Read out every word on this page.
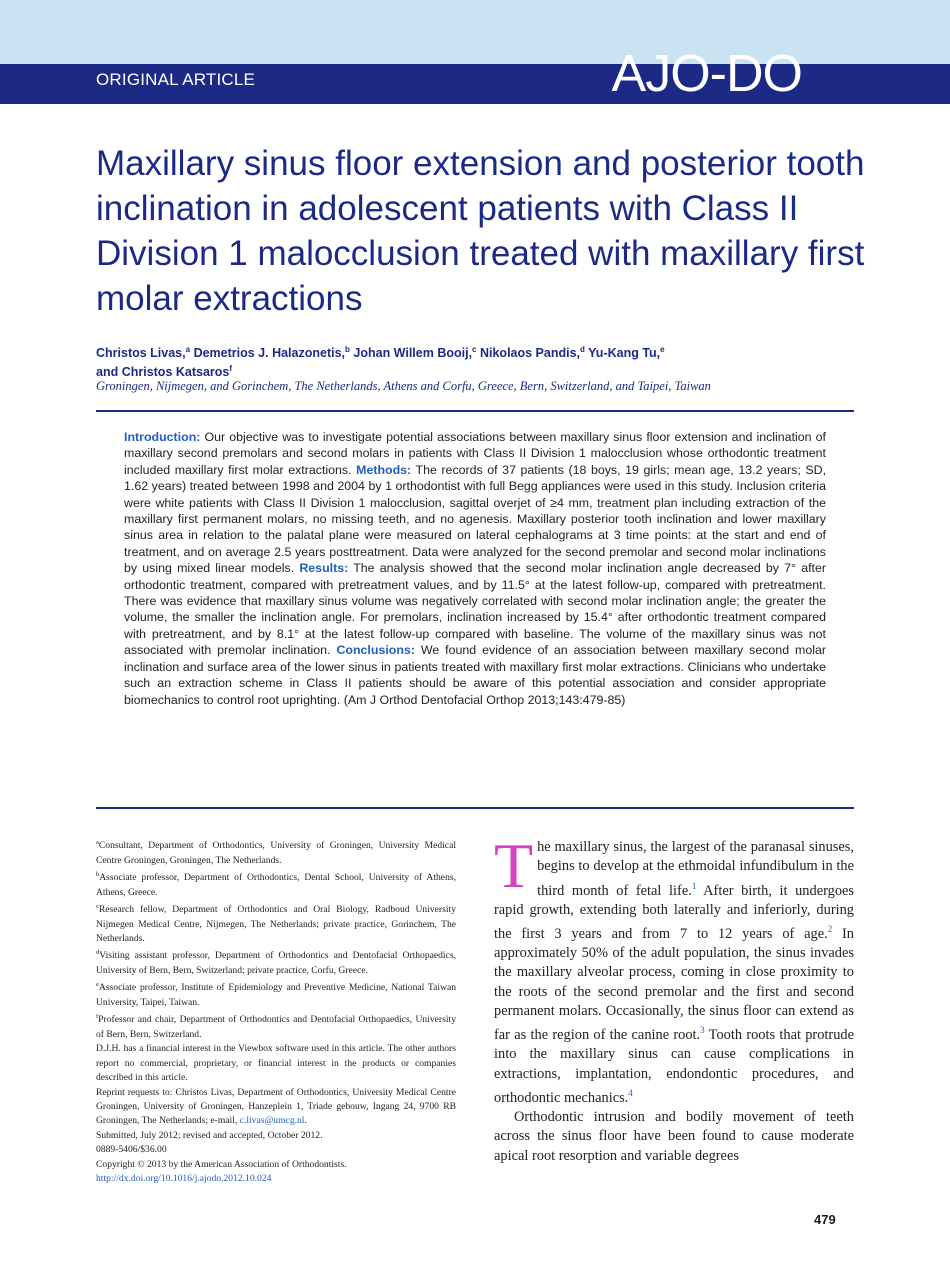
ORIGINAL ARTICLE	AJO-DO
Maxillary sinus floor extension and posterior tooth inclination in adolescent patients with Class II Division 1 malocclusion treated with maxillary first molar extractions
Christos Livas,$^a$ Demetrios J. Halazonetis,$^b$ Johan Willem Booij,$^c$ Nikolaos Pandis,$^d$ Yu-Kang Tu,$^e$
and Christos Katsaros$^f$
Groningen, Nijmegen, and Gorinchem, The Netherlands, Athens and Corfu, Greece, Bern, Switzerland, and Taipei, Taiwan

Introduction: Our objective was to investigate potential associations between maxillary sinus floor extension and inclination of maxillary second premolars and second molars in patients with Class II Division 1 malocclusion whose orthodontic treatment included maxillary first molar extractions. Methods: The records of 37 patients (18 boys, 19 girls; mean age, 13.2 years; SD, 1.62 years) treated between 1998 and 2004 by 1 orthodontist with full Begg appliances were used in this study. Inclusion criteria were white patients with Class II Division 1 malocclusion, sagittal overjet of ≥4 mm, treatment plan including extraction of the maxillary first permanent molars, no missing teeth, and no agenesis. Maxillary posterior tooth inclination and lower maxillary sinus area in relation to the palatal plane were measured on lateral cephalograms at 3 time points: at the start and end of treatment, and on average 2.5 years posttreatment. Data were analyzed for the second premolar and second molar inclinations by using mixed linear models. Results: The analysis showed that the second molar inclination angle decreased by 7° after orthodontic treatment, compared with pretreatment values, and by 11.5° at the latest follow-up, compared with pretreatment. There was evidence that maxillary sinus volume was negatively correlated with second molar inclination angle; the greater the volume, the smaller the inclination angle. For premolars, inclination increased by 15.4° after orthodontic treatment compared with pretreatment, and by 8.1° at the latest follow-up compared with baseline. The volume of the maxillary sinus was not associated with premolar inclination. Conclusions: We found evidence of an association between maxillary second molar inclination and surface area of the lower sinus in patients treated with maxillary first molar extractions. Clinicians who undertake such an extraction scheme in Class II patients should be aware of this potential association and consider appropriate biomechanics to control root uprighting. (Am J Orthod Dentofacial Orthop 2013;143:479-85)

$^a$Consultant, Department of Orthodontics, University of Groningen, University Medical Centre Groningen, Groningen, The Netherlands.

$^b$Associate professor, Department of Orthodontics, Dental School, University of Athens, Athens, Greece.

$^c$Research fellow, Department of Orthodontics and Oral Biology, Radboud University Nijmegen Medical Centre, Nijmegen, The Netherlands; private practice, Gorinchem, The Netherlands.

$^d$Visiting assistant professor, Department of Orthodontics and Dentofacial Orthopaedics, University of Bern, Bern, Switzerland; private practice, Corfu, Greece.

$^e$Associate professor, Institute of Epidemiology and Preventive Medicine, National Taiwan University, Taipei, Taiwan.

$^f$Professor and chair, Department of Orthodontics and Dentofacial Orthopaedics, University of Bern, Bern, Switzerland.

D.J.H. has a financial interest in the Viewbox software used in this article. The other authors report no commercial, proprietary, or financial interest in the products or companies described in this article.

Reprint requests to: Christos Livas, Department of Orthodontics, University Medical Centre Groningen, University of Groningen, Hanzeplein 1, Triade gebouw, Ingang 24, 9700 RB Groningen, The Netherlands; e-mail, c.livas@umcg.nl.

Submitted, July 2012; revised and accepted, October 2012.

0889-5406/$36.00

Copyright © 2013 by the American Association of Orthodontists.

http://dx.doi.org/10.1016/j.ajodo.2012.10.024

The maxillary sinus, the largest of the paranasal sinuses, begins to develop at the ethmoidal infundibulum in the third month of fetal life.$^1$ After birth, it undergoes rapid growth, extending both laterally and inferiorly, during the first 3 years and from 7 to 12 years of age.$^2$ In approximately 50% of the adult population, the sinus invades the maxillary alveolar process, coming in close proximity to the roots of the second premolar and the first and second permanent molars. Occasionally, the sinus floor can extend as far as the region of the canine root.$^3$ Tooth roots that protrude into the maxillary sinus can cause complications in extractions, implantation, endondontic procedures, and orthodontic mechanics.$^4$

Orthodontic intrusion and bodily movement of teeth across the sinus floor have been found to cause moderate apical root resorption and variable degrees

479
